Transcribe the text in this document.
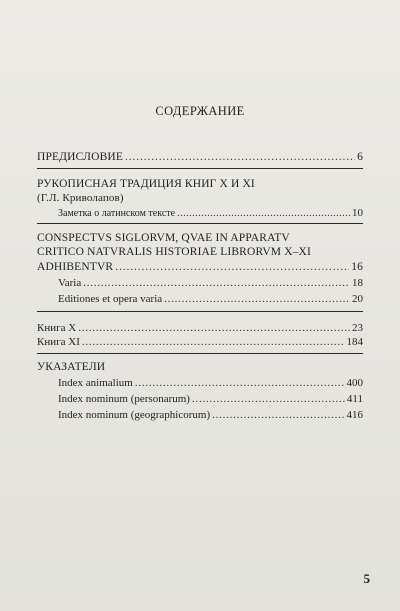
СОДЕРЖАНИЕ
ПРЕДИСЛОВИЕ . . .	6
РУКОПИСНАЯ ТРАДИЦИЯ КНИГ X И XI
(Г.Л. Криволапов)
Заметка о латинском тексте . . .	10
CONSPECTVS SIGLORVM, QVAE IN APPARATV
CRITICO NATVRALIS HISTORIAE LIBRORVM X–XI
ADHIBENTVR . . .	16
Varia . . .	18
Editiones et opera varia . . .	20
Книга X . . .	23
Книга XI . . .	184
УКАЗАТЕЛИ
Index animalium . . .	400
Index nominum (personarum) . . .	411
Index nominum (geographicorum) . . .	416
5
